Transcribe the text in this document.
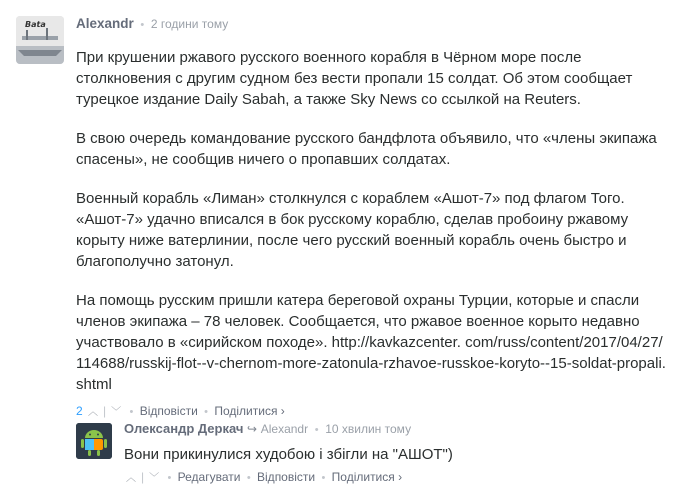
Bata Alexandr • 2 години тому

При крушении ржавого русского военного корабля в Чёрном море после столкновения с другим судном без вести пропали 15 солдат. Об этом сообщает турецкое издание Daily Sabah, а также Sky News со ссылкой на Reuters.

В свою очередь командование русского бандфлота объявило, что «члены экипажа спасены», не сообщив ничего о пропавших солдатах.

Военный корабль «Лиман» столкнулся с кораблем «Ашот-7» под флагом Того. «Ашот-7» удачно вписался в бок русскому кораблю, сделав пробоину ржавому корыту ниже ватерлинии, после чего русский военный корабль очень быстро и благополучно затонул.

На помощь русским пришли катера береговой охраны Турции, которые и спасли членов экипажа – 78 человек. Сообщается, что ржавое военное корыто недавно участвовало в «сирийском походе». http://kavkazcenter. com/russ/content/2017/04/27/114688/russkij-flot--v-chernom-more-zatonula-rzhavoe-russkoe-koryto--15-soldat-propali.shtml

2 ︿ | ﹀ • Відповісти • Поділитися ›
Олександр Деркач ↪ Alexandr • 10 хвилин тому
Вони прикинулися худобою і збігли на "АШОТ")
︿ | ﹀ • Редагувати • Відповісти • Поділитися ›
